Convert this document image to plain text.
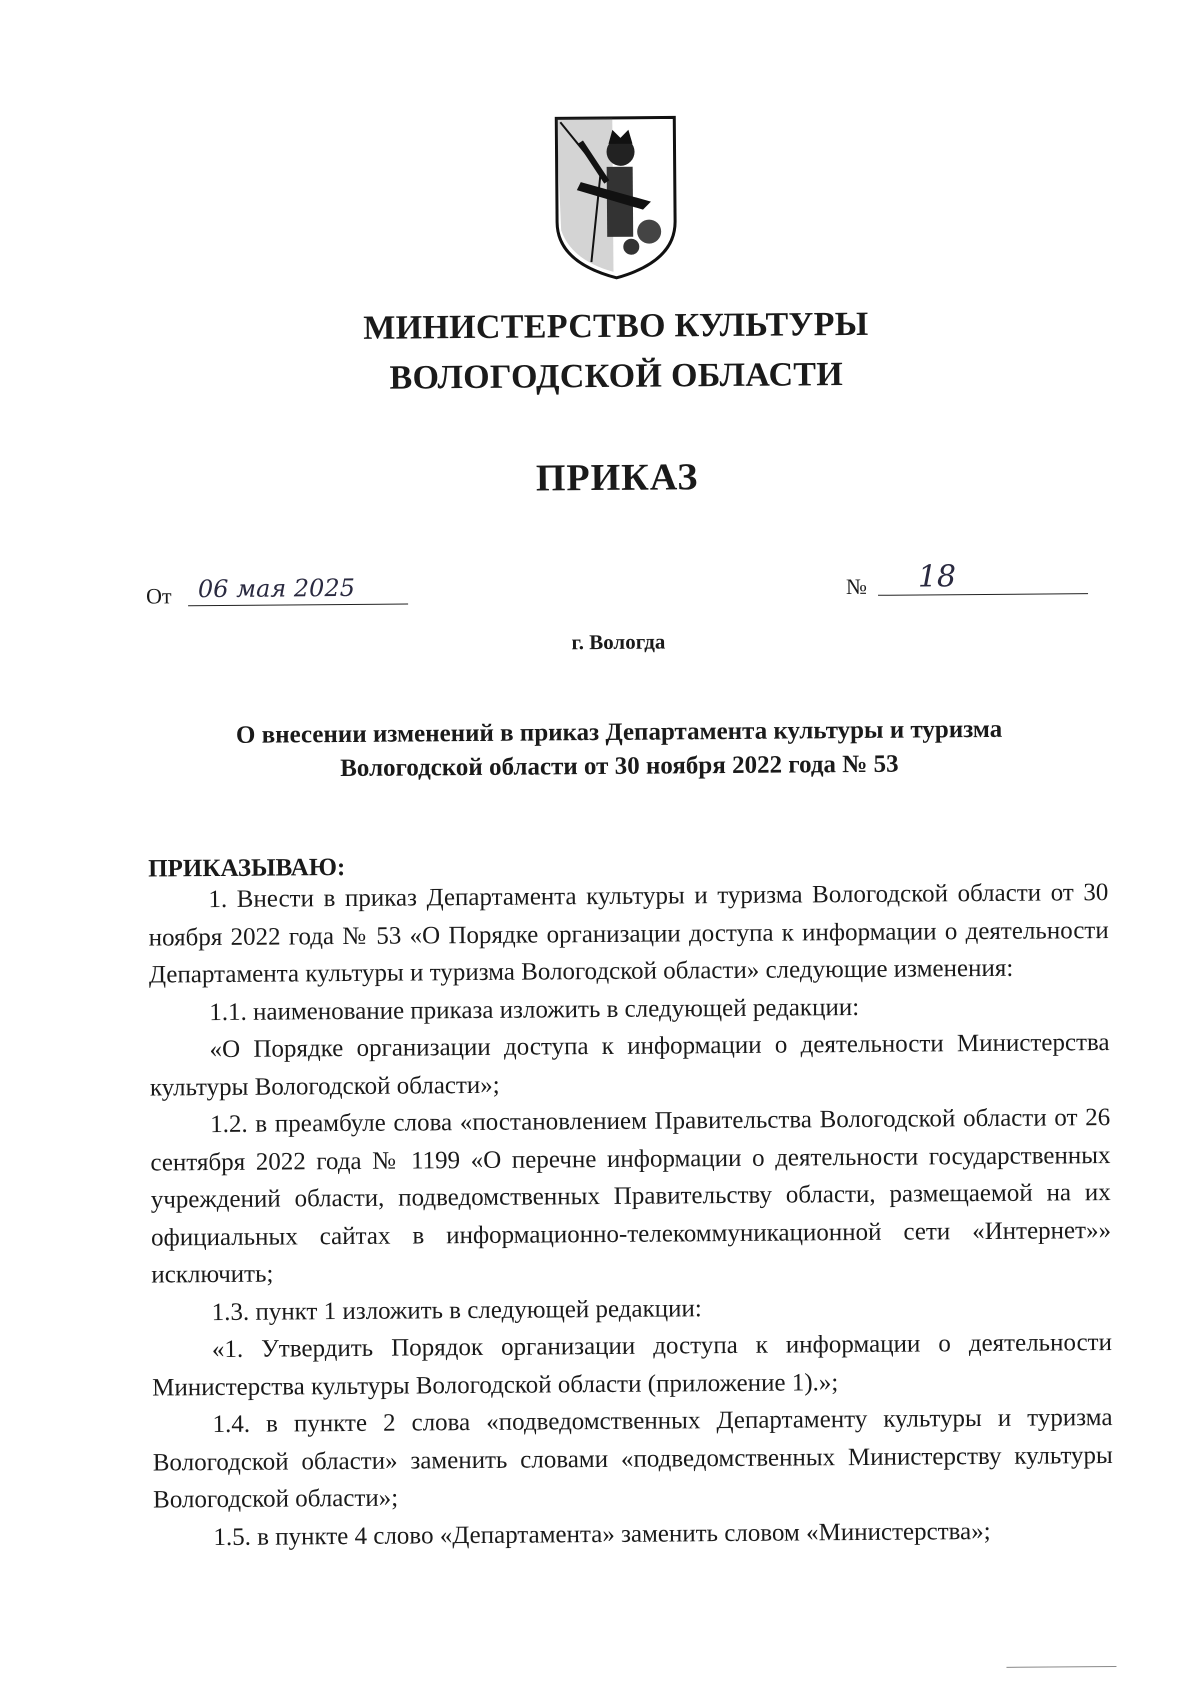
МИНИСТЕРСТВО КУЛЬТУРЫ
ВОЛОГОДСКОЙ ОБЛАСТИ
ПРИКАЗ
От	06 мая 2025	№	18
г. Вологда
О внесении изменений в приказ Департамента культуры и туризма
Вологодской области от 30 ноября 2022 года № 53
ПРИКАЗЫВАЮ:

1. Внести в приказ Департамента культуры и туризма Вологодской области от 30 ноября 2022 года № 53 «О Порядке организации доступа к информации о деятельности Департамента культуры и туризма Вологодской области» следующие изменения:

1.1. наименование приказа изложить в следующей редакции:

«О Порядке организации доступа к информации о деятельности Министерства культуры Вологодской области»;

1.2. в преамбуле слова «постановлением Правительства Вологодской области от 26 сентября 2022 года № 1199 «О перечне информации о деятельности государственных учреждений области, подведомственных Правительству области, размещаемой на их официальных сайтах в информационно-телекоммуникационной сети «Интернет»» исключить;

1.3. пункт 1 изложить в следующей редакции:

«1. Утвердить Порядок организации доступа к информации о деятельности Министерства культуры Вологодской области (приложение 1).»;

1.4. в пункте 2 слова «подведомственных Департаменту культуры и туризма Вологодской области» заменить словами «подведомственных Министерству культуры Вологодской области»;

1.5. в пункте 4 слово «Департамента» заменить словом «Министерства»;
